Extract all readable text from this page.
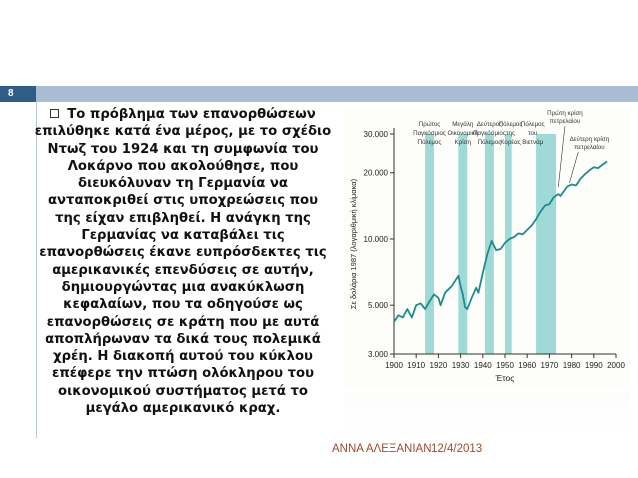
8
Το πρόβλημα των επανορθώσεων επιλύθηκε κατά ένα μέρος, με το σχέδιο Ντωζ του 1924 και τη συμφωνία του Λοκάρνο που ακολούθησε, που διευκόλυναν τη Γερμανία να ανταποκριθεί στις υποχρεώσεις που της είχαν επιβληθεί. Η ανάγκη της Γερμανίας να καταβάλει τις επανορθώσεις έκανε ευπρόσδεκτες τις αμερικανικές επενδύσεις σε αυτήν, δημιουργώντας μια ανακύκλωση κεφαλαίων, που τα οδηγούσε ως επανορθώσεις σε κράτη που με αυτά αποπλήρωναν τα δικά τους πολεμικά χρέη. Η διακοπή αυτού του κύκλου επέφερε την πτώση ολόκληρου του οικονομικού συστήματος μετά το μεγάλο αμερικανικό κραχ.
3.000
5.000
10.000
20.000
30.000
1900 1910 1920 1930 1940 1950 1960 1970 1980 1990 2000
Έτος
Σε δολάρια 1987 (λογαριθμική κλίμακα)
Πρώτος
Παγκόσμιος
Πόλεμος
Μεγάλη
Οικονομική
Κρίση
Δεύτερος
Παγκόσμιος
Πόλεμος
Πόλεμος
της
Κορέας
Πόλεμος
του
Βιετνάμ
Πρώτη κρίση
πετρελαίου
Δεύτερη κρίση
πετρελαίου
ΑΝΝΑ ΑΛΕΞΑΝΙΑΝ 12/4/2013
